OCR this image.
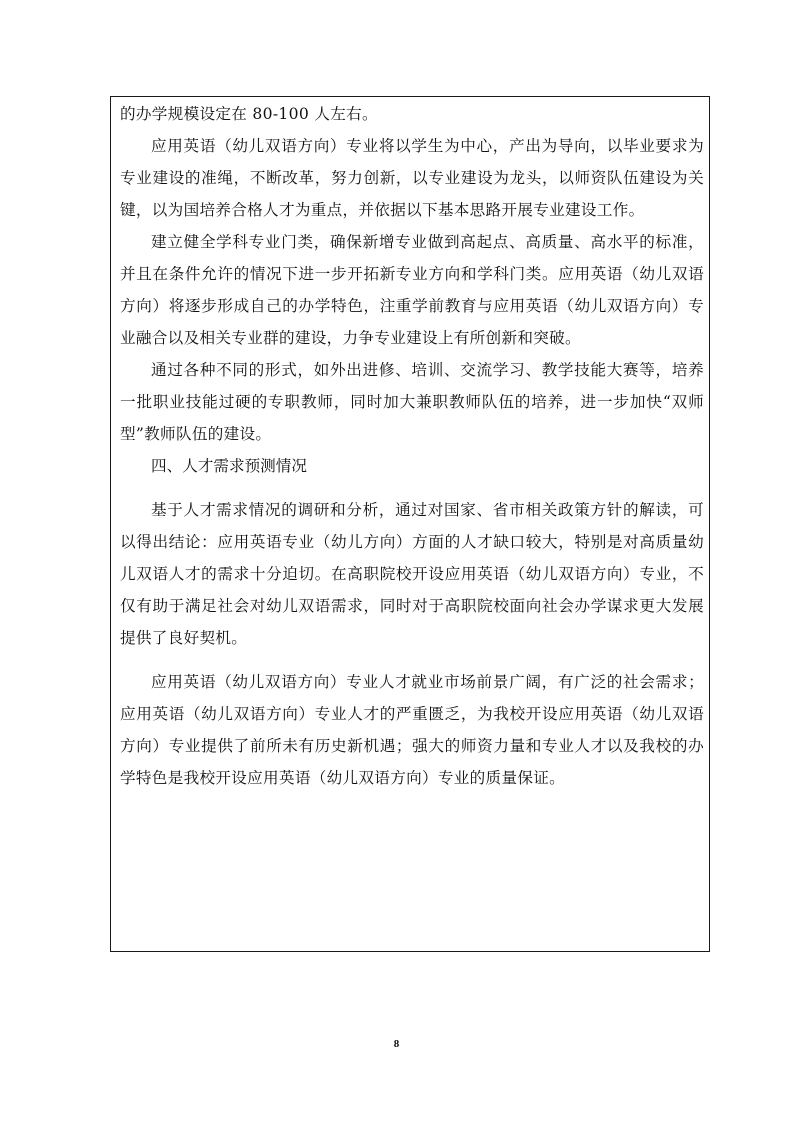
的办学规模设定在 80-100 人左右。

应用英语（幼儿双语方向）专业将以学生为中心，产出为导向，以毕业要求为专业建设的准绳，不断改革，努力创新，以专业建设为龙头，以师资队伍建设为关键，以为国培养合格人才为重点，并依据以下基本思路开展专业建设工作。

建立健全学科专业门类，确保新增专业做到高起点、高质量、高水平的标准，并且在条件允许的情况下进一步开拓新专业方向和学科门类。应用英语（幼儿双语方向）将逐步形成自己的办学特色，注重学前教育与应用英语（幼儿双语方向）专业融合以及相关专业群的建设，力争专业建设上有所创新和突破。

通过各种不同的形式，如外出进修、培训、交流学习、教学技能大赛等，培养一批职业技能过硬的专职教师，同时加大兼职教师队伍的培养，进一步加快“双师型”教师队伍的建设。

四、人才需求预测情况

基于人才需求情况的调研和分析，通过对国家、省市相关政策方针的解读，可以得出结论：应用英语专业（幼儿方向）方面的人才缺口较大，特别是对高质量幼儿双语人才的需求十分迫切。在高职院校开设应用英语（幼儿双语方向）专业，不仅有助于满足社会对幼儿双语需求，同时对于高职院校面向社会办学谋求更大发展提供了良好契机。

应用英语（幼儿双语方向）专业人才就业市场前景广阔，有广泛的社会需求；应用英语（幼儿双语方向）专业人才的严重匮乏，为我校开设应用英语（幼儿双语方向）专业提供了前所未有历史新机遇；强大的师资力量和专业人才以及我校的办学特色是我校开设应用英语（幼儿双语方向）专业的质量保证。

8
